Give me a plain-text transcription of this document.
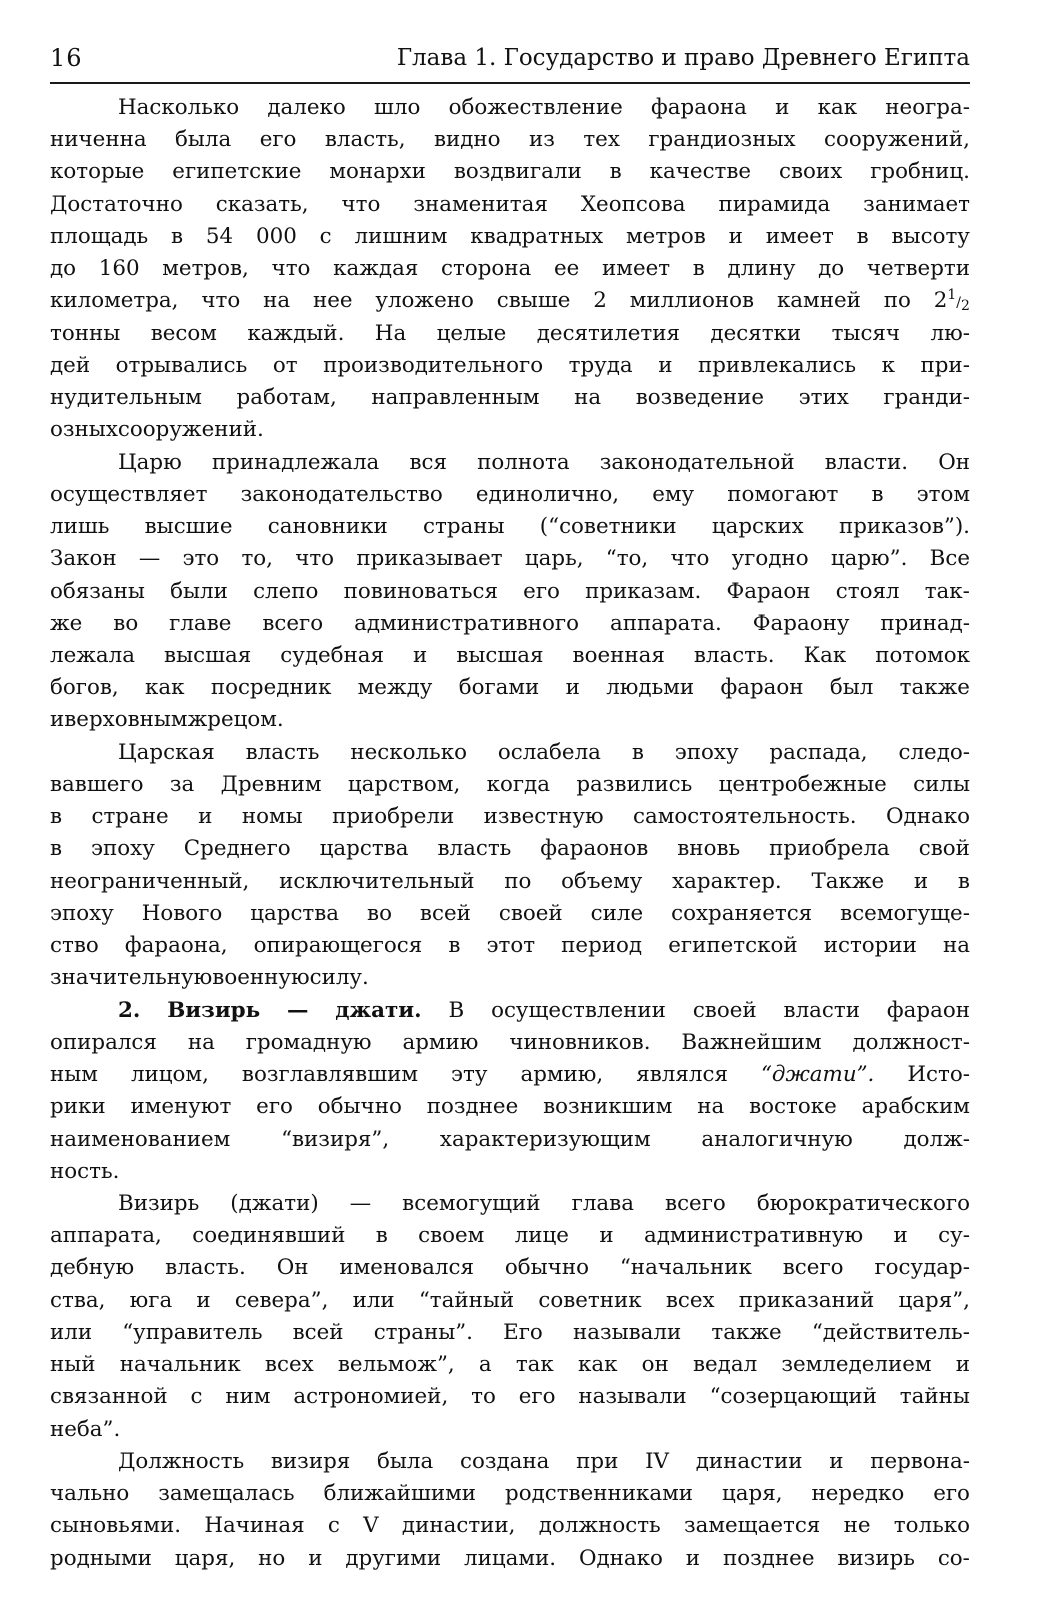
16	Глава 1. Государство и право Древнего Египта
Насколько далеко шло обожествление фараона и как неогра-
ниченна была его власть, видно из тех грандиозных сооружений,
которые египетские монархи воздвигали в качестве своих гробниц.
Достаточно сказать, что знаменитая Хеопсова пирамида занимает
площадь в 54 000 с лишним квадратных метров и имеет в высоту
до 160 метров, что каждая сторона ее имеет в длину до четверти
километра, что на нее уложено свыше 2 миллионов камней по 21/2
тонны весом каждый. На целые десятилетия десятки тысяч лю-
дей отрывались от производительного труда и привлекались к при-
нудительным работам, направленным на возведение этих гранди-
озных сооружений.
Царю принадлежала вся полнота законодательной власти. Он
осуществляет законодательство единолично, ему помогают в этом
лишь высшие сановники страны (“советники царских приказов”).
Закон — это то, что приказывает царь, “то, что угодно царю”. Все
обязаны были слепо повиноваться его приказам. Фараон стоял так-
же во главе всего административного аппарата. Фараону принад-
лежала высшая судебная и высшая военная власть. Как потомок
богов, как посредник между богами и людьми фараон был также
и верховным жрецом.
Царская власть несколько ослабела в эпоху распада, следо-
вавшего за Древним царством, когда развились центробежные силы
в стране и номы приобрели известную самостоятельность. Однако
в эпоху Среднего царства власть фараонов вновь приобрела свой
неограниченный, исключительный по объему характер. Также и в
эпоху Нового царства во всей своей силе сохраняется всемогуще-
ство фараона, опирающегося в этот период египетской истории на
значительную военную силу.
2. Визирь — джати. В осуществлении своей власти фараон
опирался на громадную армию чиновников. Важнейшим должност-
ным лицом, возглавлявшим эту армию, являлся “джати”. Исто-
рики именуют его обычно позднее возникшим на востоке арабским
наименованием “визиря”, характеризующим аналогичную долж-
ность.
Визирь (джати) — всемогущий глава всего бюрократического
аппарата, соединявший в своем лице и административную и су-
дебную власть. Он именовался обычно “начальник всего государ-
ства, юга и севера”, или “тайный советник всех приказаний царя”,
или “управитель всей страны”. Его называли также “действитель-
ный начальник всех вельмож”, а так как он ведал земледелием и
связанной с ним астрономией, то его называли “созерцающий тайны
неба”.
Должность визиря была создана при IV династии и первона-
чально замещалась ближайшими родственниками царя, нередко его
сыновьями. Начиная с V династии, должность замещается не только
родными царя, но и другими лицами. Однако и позднее визирь со-
